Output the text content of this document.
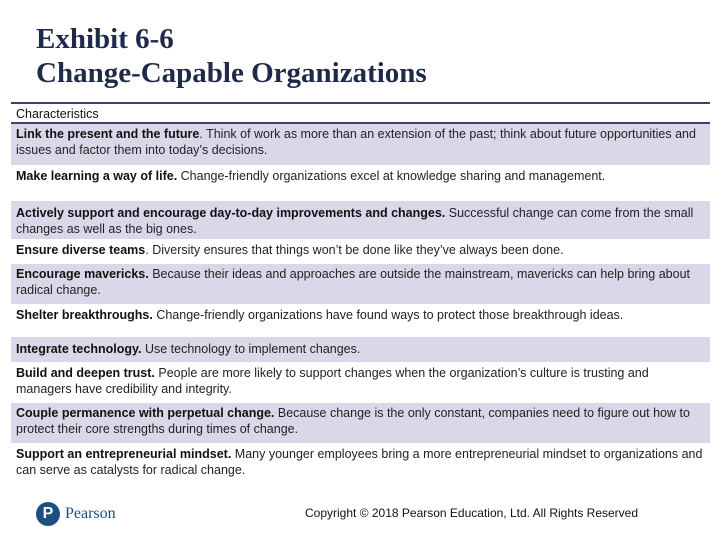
Exhibit 6-6
Change-Capable Organizations
Characteristics
Link the present and the future. Think of work as more than an extension of the past; think about future opportunities and issues and factor them into today’s decisions.
Make learning a way of life. Change-friendly organizations excel at knowledge sharing and management.
Actively support and encourage day-to-day improvements and changes. Successful change can come from the small changes as well as the big ones.
Ensure diverse teams. Diversity ensures that things won’t be done like they’ve always been done.
Encourage mavericks. Because their ideas and approaches are outside the mainstream, mavericks can help bring about radical change.
Shelter breakthroughs. Change-friendly organizations have found ways to protect those breakthrough ideas.
Integrate technology. Use technology to implement changes.
Build and deepen trust. People are more likely to support changes when the organization’s culture is trusting and managers have credibility and integrity.
Couple permanence with perpetual change. Because change is the only constant, companies need to figure out how to protect their core strengths during times of change.
Support an entrepreneurial mindset. Many younger employees bring a more entrepreneurial mindset to organizations and can serve as catalysts for radical change.
P Pearson	Copyright © 2018 Pearson Education, Ltd. All Rights Reserved
